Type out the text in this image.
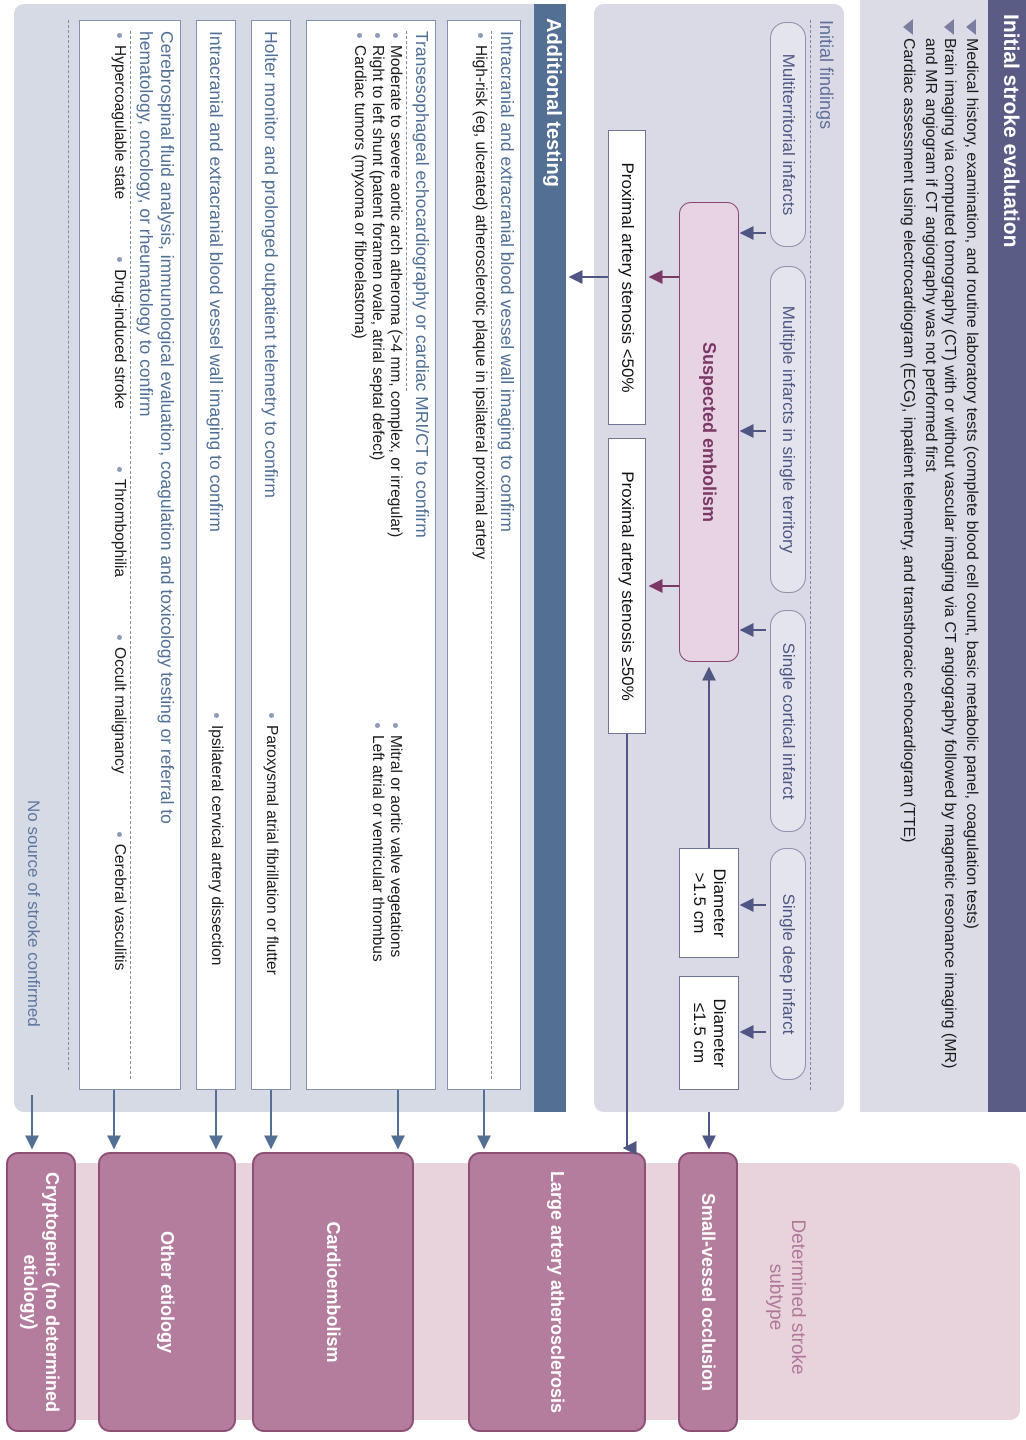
Initial stroke evaluation
Medical history, examination, and routine laboratory tests (complete blood cell count, basic metabolic panel, coagulation tests)
Brain imaging via computed tomography (CT) with or without vascular imaging via CT angiography followed by magnetic resonance imaging (MR) and MR angiogram if CT angiography was not performed first
Cardiac assessment using electrocardiogram (ECG), inpatient telemetry, and transthoracic echocardiogram (TTE)
Initial findings
Multiterritorial infarcts
Multiple infarcts in single territory
Single cortical infarct
Single deep infarct
Suspected embolism
Diameter >1.5 cm
Diameter ≤1.5 cm
Proximal artery stenosis <50%
Proximal artery stenosis ≥50%
Additional testing
Intracranial and extracranial blood vessel wall imaging to confirm
High-risk (eg, ulcerated) atherosclerotic plaque in ipsilateral proximal artery
Transesophageal echocardiography or cardiac MRI/CT to confirm
Moderate to severe aortic arch atheroma (>4 mm, complex, or irregular)
Right to left shunt (patent foramen ovale, atrial septal defect)
Cardiac tumors (myxoma or fibroelastoma)
Mitral or aortic valve vegetations
Left atrial or ventricular thrombus
Holter monitor and prolonged outpatient telemetry to confirm
Paroxysmal atrial fibrillation or flutter
Intracranial and extracranial blood vessel wall imaging to confirm
Ipsilateral cervical artery dissection
Cerebrospinal fluid analysis, immunological evaluation, coagulation and toxicology testing or referral to hematology, oncology, or rheumatology to confirm
Hypercoagulable state
Drug-induced stroke
Thrombophilia
Occult malignancy
Cerebral vasculitis
No source of stroke confirmed
Determined stroke subtype
Small-vessel occlusion
Large artery atherosclerosis
Cardioembolism
Other etiology
Cryptogenic (no determined etiology)
